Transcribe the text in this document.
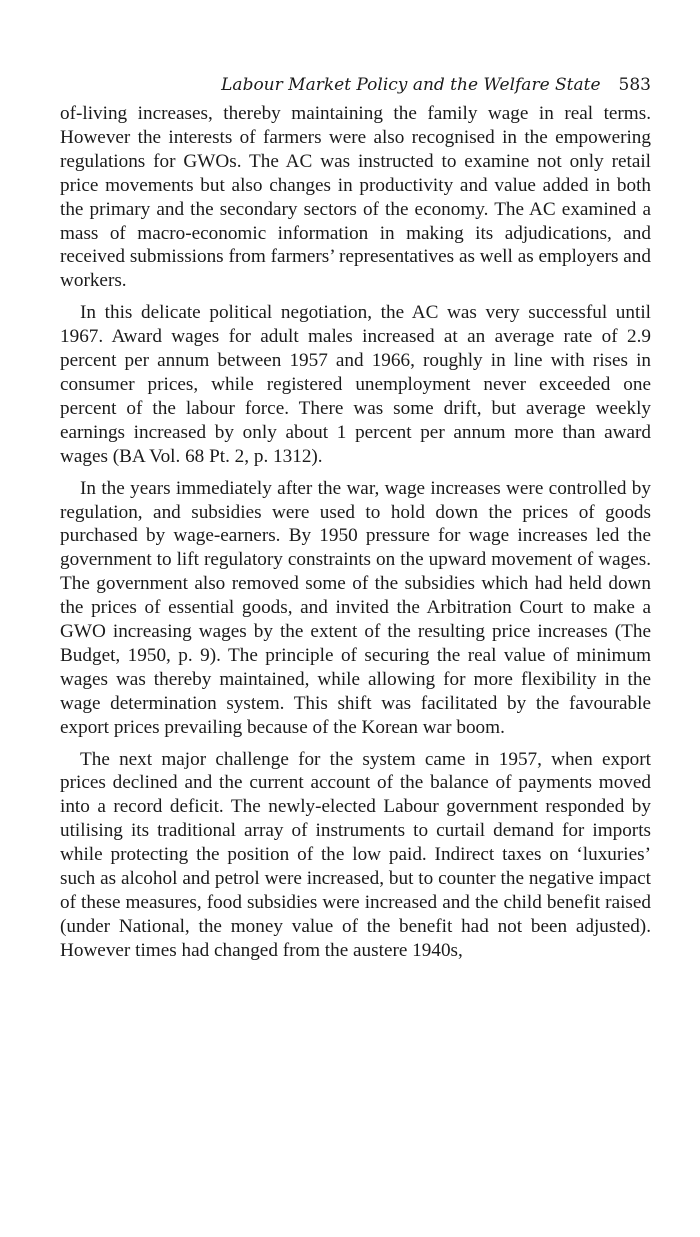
Labour Market Policy and the Welfare State 583

of-living increases, thereby maintaining the family wage in real terms. However the interests of farmers were also recognised in the empowering regulations for GWOs. The AC was instructed to examine not only retail price movements but also changes in productivity and value added in both the primary and the secondary sectors of the economy. The AC examined a mass of macro-economic information in making its adjudications, and received submissions from farmers’ representatives as well as employers and workers.

In this delicate political negotiation, the AC was very successful until 1967. Award wages for adult males increased at an average rate of 2.9 percent per annum between 1957 and 1966, roughly in line with rises in consumer prices, while registered unemployment never exceeded one percent of the labour force. There was some drift, but average weekly earnings increased by only about 1 percent per annum more than award wages (BA Vol. 68 Pt. 2, p. 1312).

In the years immediately after the war, wage increases were controlled by regulation, and subsidies were used to hold down the prices of goods purchased by wage-earners. By 1950 pressure for wage increases led the government to lift regulatory constraints on the upward movement of wages. The government also removed some of the subsidies which had held down the prices of essential goods, and invited the Arbitration Court to make a GWO increasing wages by the extent of the resulting price increases (The Budget, 1950, p. 9). The principle of securing the real value of minimum wages was thereby maintained, while allowing for more flexibility in the wage determination system. This shift was facilitated by the favourable export prices prevailing because of the Korean war boom.

The next major challenge for the system came in 1957, when export prices declined and the current account of the balance of payments moved into a record deficit. The newly-elected Labour government responded by utilising its traditional array of instruments to curtail demand for imports while protecting the position of the low paid. Indirect taxes on ‘luxuries’ such as alcohol and petrol were increased, but to counter the negative impact of these measures, food subsidies were increased and the child benefit raised (under National, the money value of the benefit had not been adjusted). However times had changed from the austere 1940s,
